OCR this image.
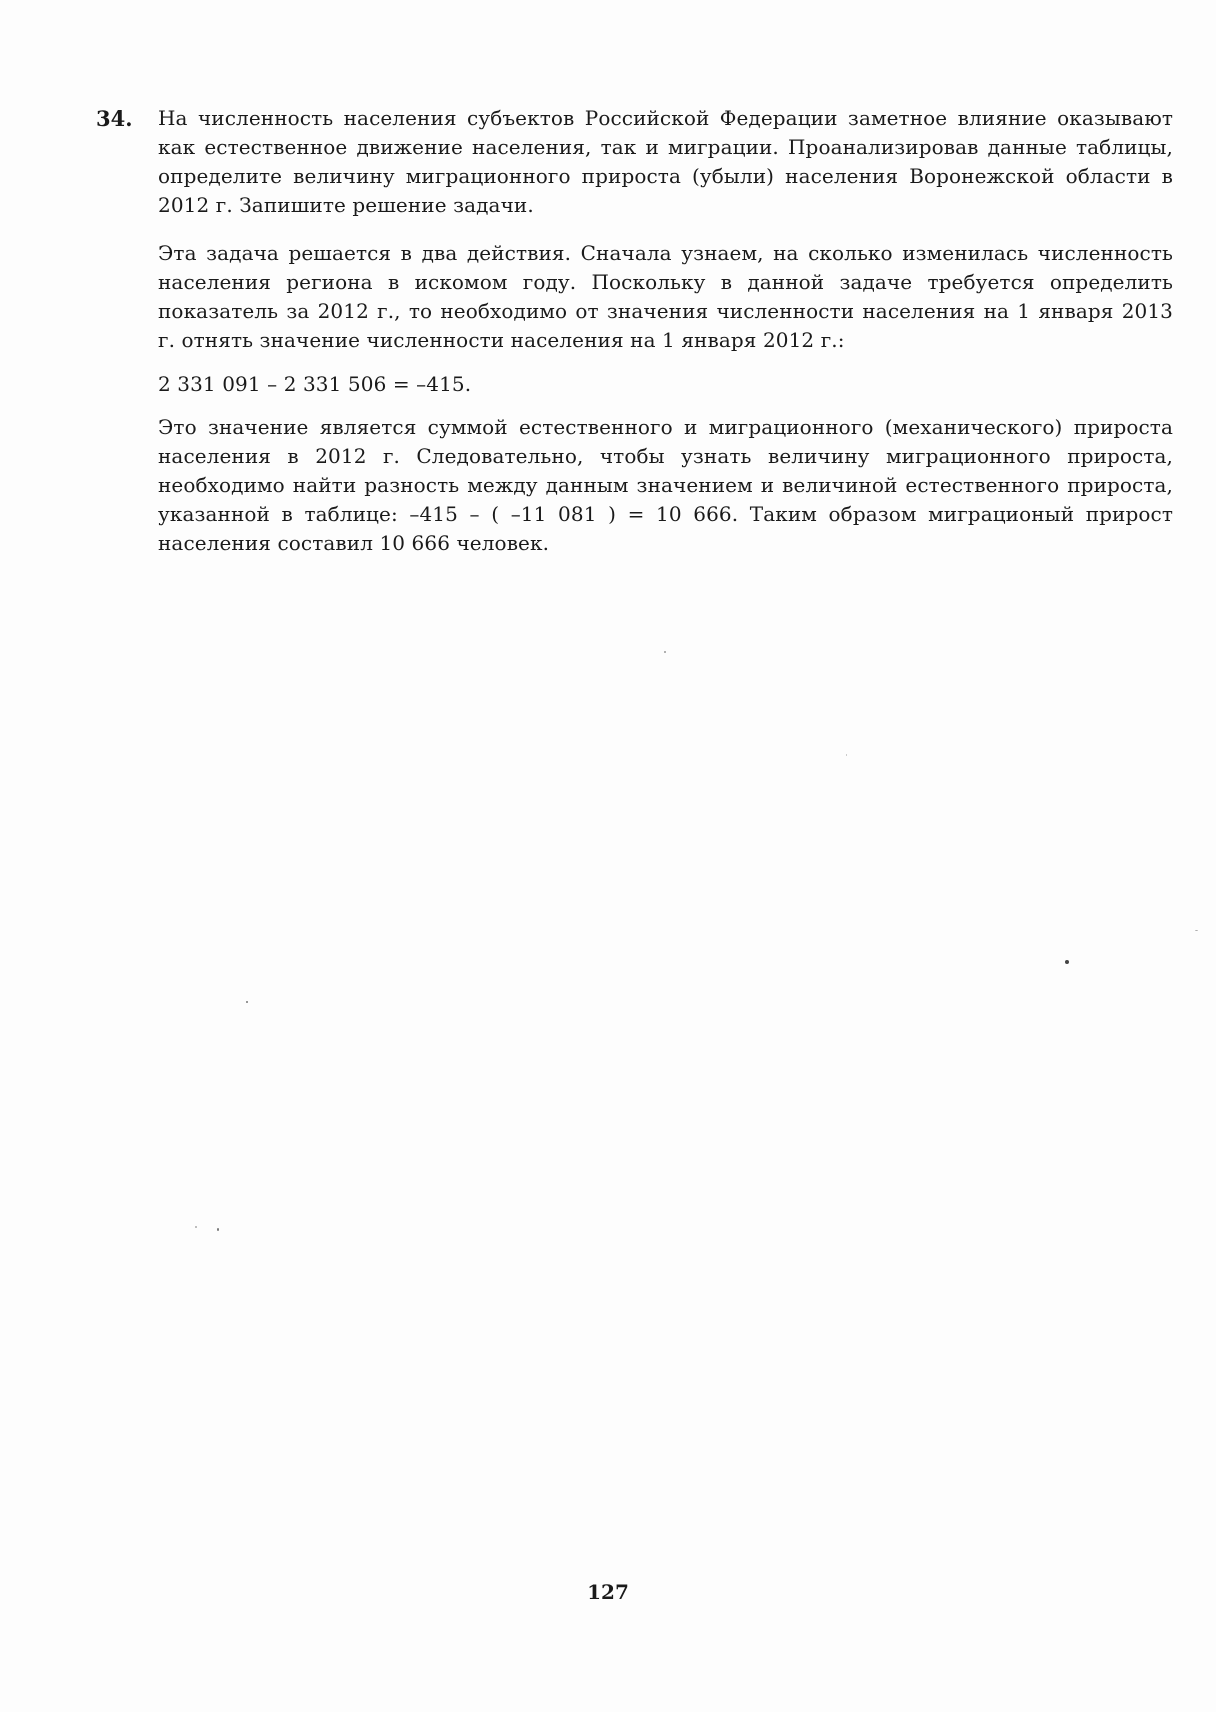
34. На численность населения субъектов Российской Федерации заметное влияние оказывают как естественное движение населения, так и миграции. Проанализировав данные таблицы, определите величину миграционного прироста (убыли) населения Воронежской области в 2012 г. Запишите решение задачи.

Эта задача решается в два действия. Сначала узнаем, на сколько изменилась численность населения региона в искомом году. Поскольку в данной задаче требуется определить показатель за 2012 г., то необходимо от значения численности населения на 1 января 2013 г. отнять значение численности населения на 1 января 2012 г.:

2 331 091 – 2 331 506 = –415.

Это значение является суммой естественного и миграционного (механического) прироста населения в 2012 г. Следовательно, чтобы узнать величину миграционного прироста, необходимо найти разность между данным значением и величиной естественного прироста, указанной в таблице: –415 – ( –11 081 ) = 10 666. Таким образом миграционый прирост населения составил 10 666 человек.

127
